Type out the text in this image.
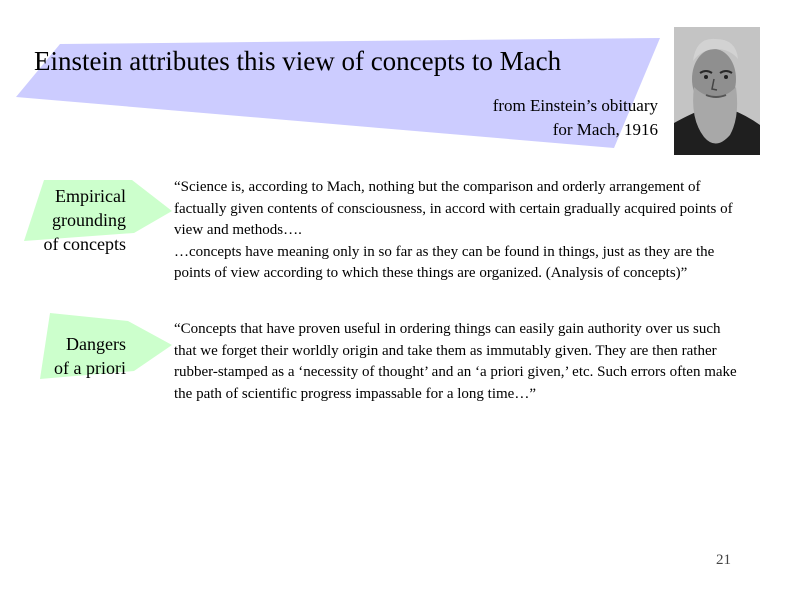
Einstein attributes this view of concepts to Mach
from Einstein’s obituary
for Mach, 1916
Empirical
grounding
of concepts

“Science is, according to Mach, nothing but the comparison and orderly arrangement of factually given contents of consciousness, in accord with certain gradually acquired points of view and methods….

…concepts have meaning only in so far as they can be found in things, just as they are the points of view according to which these things are organized. (Analysis of concepts)”

Dangers
of a priori

“Concepts that have proven useful in ordering things can easily gain authority over us such that we forget their worldly origin and take them as immutably given. They are then rather rubber-stamped as a ‘necessity of thought’ and an ‘a priori given,’ etc. Such errors often make the path of scientific progress impassable for a long time…”

21
